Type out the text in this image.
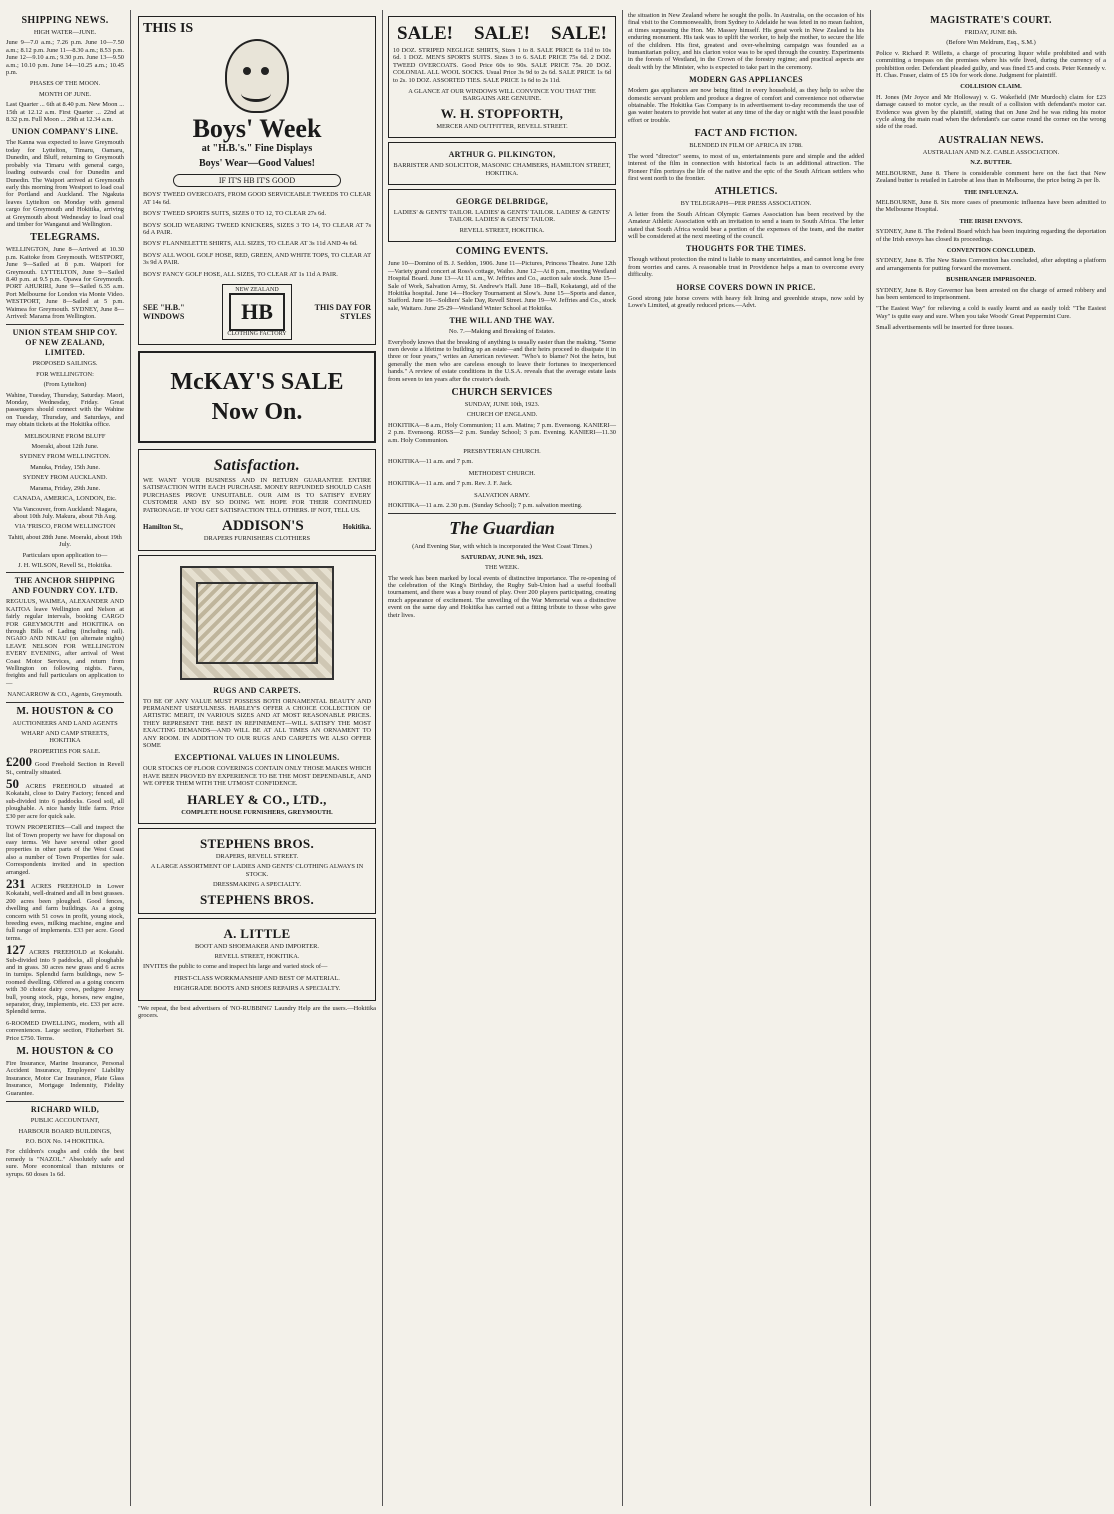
SHIPPING NEWS.
HIGH WATER—JUNE.

June 9—7.0 a.m.; 7.26 p.m. June 10—7.50 a.m.; 8.12 p.m. June 11—8.30 a.m.; 8.53 p.m. June 12—9.10 a.m.; 9.30 p.m. June 13—9.50 a.m.; 10.10 p.m. June 14—10.25 a.m.; 10.45 p.m.

PHASES OF THE MOON.
MONTH OF JUNE.

Last Quarter ... 6th at 8.40 p.m. New Moon ... 15th at 12.12 a.m. First Quarter ... 22nd at 8.32 p.m. Full Moon ... 29th at 12.34 a.m.

UNION COMPANY'S LINE.

The Kanna was expected to leave Greymouth today for Lyttelton, Timaru, Oamaru, Dunedin, and Bluff, returning to Greymouth probably via Timaru with general cargo, loading outwards coal for Dunedin and Dunedin. The Waipori arrived at Greymouth early this morning from Westport to load coal for Portland and Auckland. The Ngakuta leaves Lyttelton on Monday with general cargo for Greymouth and Hokitika, arriving at Greymouth about Wednesday to load coal and timber for Wanganui and Wellington.

TELEGRAMS.

WELLINGTON, June 8—Arrived at 10.30 p.m. Kaitoke from Greymouth. WESTPORT, June 9—Sailed at 8 p.m. Waipori for Greymouth. LYTTELTON, June 9—Sailed 8.40 p.m. at 9.5 p.m. Opawa for Greymouth. PORT AHURIRI, June 9—Sailed 6.35 a.m. Port Melbourne for London via Monte Video. WESTPORT, June 8—Sailed at 5 p.m. Waimea for Greymouth. SYDNEY, June 8—Arrived: Marama from Wellington.

UNION STEAM SHIP COY. OF NEW ZEALAND, LIMITED.
PROPOSED SAILINGS.
FOR WELLINGTON:
(From Lyttelton)

Wahine, Tuesday, Thursday, Saturday. Maori, Monday, Wednesday, Friday. Great passengers should connect with the Wahine on Tuesday, Thursday, and Saturdays, and may obtain tickets at the Hokitika office.

MELBOURNE FROM BLUFF
Moeraki, about 12th June.
SYDNEY FROM WELLINGTON.
Manuka, Friday, 15th June.
SYDNEY FROM AUCKLAND.
Marama, Friday, 29th June.
CANADA, AMERICA, LONDON, Etc.
Via Vancouver, from Auckland: Niagara, about 10th July. Makura, about 7th Aug.
VIA 'FRISCO, FROM WELLINGTON
Tahiti, about 28th June. Moeraki, about 19th July.
Particulars upon application to—
J. H. WILSON, Revell St., Hokitika.
THE ANCHOR SHIPPING AND FOUNDRY COY. LTD.

REGULUS, WAIMEA, ALEXANDER AND KAITOA leave Wellington and Nelson at fairly regular intervals, booking CARGO FOR GREYMOUTH and HOKITIKA on through Bills of Lading (including rail). NGAIO AND NIKAU (on alternate nights) LEAVE NELSON FOR WELLINGTON EVERY EVENING, after arrival of West Coast Motor Services, and return from Wellington on following nights. Fares, freights and full particulars on application to—

NANCARROW & CO., Agents, Greymouth.
M. HOUSTON & CO
AUCTIONEERS AND LAND AGENTS
WHARF AND CAMP STREETS, HOKITIKA
PROPERTIES FOR SALE.

£200 Good Freehold Section in Revell St., centrally situated.

50 ACRES FREEHOLD situated at Kokatahi, close to Dairy Factory; fenced and sub-divided into 6 paddocks. Good soil, all ploughable. A nice handy little farm. Price £30 per acre for quick sale.

TOWN PROPERTIES—Call and inspect the list of Town property we have for disposal on easy terms. We have several other good properties in other parts of the West Coast also a number of Town Properties for sale. Correspondents invited and in spection arranged.

231 ACRES FREEHOLD in Lower Kokatahi, well-drained and all in best grasses. 200 acres been ploughed. Good fences, dwelling and farm buildings. As a going concern with 51 cows in profit, young stock, breeding ewes, milking machine, engine and full range of implements. £33 per acre. Good terms.

127 ACRES FREEHOLD at Kokatahi. Sub-divided into 9 paddocks, all ploughable and in grass. 30 acres new grass and 6 acres in turnips. Splendid farm buildings, new 5-roomed dwelling. Offered as a going concern with 30 choice dairy cows, pedigree Jersey bull, young stock, pigs, horses, new engine, separator, dray, implements, etc. £33 per acre. Splendid terms.

6-ROOMED DWELLING, modern, with all conveniences. Large section, Fitzherbert St. Price £750. Terms.

M. HOUSTON & CO

Fire Insurance, Marine Insurance, Personal Accident Insurance, Employers' Liability Insurance, Motor Car Insurance, Plate Glass Insurance, Mortgage Indemnity, Fidelity Guarantee.

RICHARD WILD,
PUBLIC ACCOUNTANT,
HARBOUR BOARD BUILDINGS,
P.O. BOX No. 14 HOKITIKA.

For children's coughs and colds the best remedy is "NAZOL." Absolutely safe and sure. More economical than mixtures or syrups. 60 doses 1s 6d.

THIS IS
Boys' Week
at "H.B.'s." Fine Displays
Boys' Wear—Good Values!
IF IT'S HB IT'S GOOD

BOYS' TWEED OVERCOATS, FROM GOOD SERVICEABLE TWEEDS TO CLEAR AT 14s 6d.

BOYS' TWEED SPORTS SUITS, SIZES 0 TO 12, TO CLEAR 27s 6d.

BOYS' SOLID WEARING TWEED KNICKERS, SIZES 3 TO 14, TO CLEAR AT 7s 6d A PAIR.

BOYS' FLANNELETTE SHIRTS, ALL SIZES, TO CLEAR AT 3s 11d AND 4s 6d.

BOYS' ALL WOOL GOLF HOSE, RED, GREEN, AND WHITE TOPS, TO CLEAR AT 3s 9d A PAIR.

BOYS' FANCY GOLF HOSE, ALL SIZES, TO CLEAR AT 1s 11d A PAIR.

SEE "H.B." WINDOWS
NEW ZEALAND
HB
CLOTHING FACTORY
THIS DAY FOR STYLES
McKAY'S SALE
Now On.
Satisfaction.

WE WANT YOUR BUSINESS AND IN RETURN GUARANTEE ENTIRE SATISFACTION WITH EACH PURCHASE. MONEY REFUNDED SHOULD CASH PURCHASES PROVE UNSUITABLE. OUR AIM IS TO SATISFY EVERY CUSTOMER AND BY SO DOING WE HOPE FOR THEIR CONTINUED PATRONAGE. IF YOU GET SATISFACTION TELL OTHERS. IF NOT, TELL US.

Hamilton St.,	ADDISON'S	Hokitika.
DRAPERS FURNISHERS CLOTHIERS
RUGS AND CARPETS.

TO BE OF ANY VALUE MUST POSSESS BOTH ORNAMENTAL BEAUTY AND PERMANENT USEFULNESS. HARLEY'S OFFER A CHOICE COLLECTION OF ARTISTIC MERIT, IN VARIOUS SIZES AND AT MOST REASONABLE PRICES. THEY REPRESENT THE BEST IN REFINEMENT—WILL SATISFY THE MOST EXACTING DEMANDS—AND WILL BE AT ALL TIMES AN ORNAMENT TO ANY ROOM. IN ADDITION TO OUR RUGS AND CARPETS WE ALSO OFFER SOME

EXCEPTIONAL VALUES IN LINOLEUMS.

OUR STOCKS OF FLOOR COVERINGS CONTAIN ONLY THOSE MAKES WHICH HAVE BEEN PROVED BY EXPERIENCE TO BE THE MOST DEPENDABLE, AND WE OFFER THEM WITH THE UTMOST CONFIDENCE.

HARLEY & CO., LTD.,
COMPLETE HOUSE FURNISHERS, GREYMOUTH.
STEPHENS BROS.
DRAPERS, REVELL STREET.
A LARGE ASSORTMENT OF LADIES AND GENTS' CLOTHING ALWAYS IN STOCK.
DRESSMAKING A SPECIALTY.
STEPHENS BROS.
A. LITTLE
BOOT AND SHOEMAKER AND IMPORTER.
REVELL STREET, HOKITIKA.

INVITES the public to come and inspect his large and varied stock of—

FIRST-CLASS WORKMANSHIP AND BEST OF MATERIAL.
HIGHGRADE BOOTS AND SHOES REPAIRS A SPECIALTY.

"We repeat, the best advertisers of 'NO-RUBBING' Laundry Help are the users.—Hokitika grocers.

SALE! SALE! SALE!

10 DOZ. STRIPED NEGLIGE SHIRTS, Sizes 1 to 8. SALE PRICE 6s 11d to 10s 6d. 1 DOZ. MEN'S SPORTS SUITS. Sizes 3 to 6. SALE PRICE 75s 6d. 2 DOZ. TWEED OVERCOATS. Good Price 60s to 90s. SALE PRICE 75s. 20 DOZ. COLONIAL ALL WOOL SOCKS. Usual Price 3s 9d to 2s 6d. SALE PRICE 1s 6d to 2s. 10 DOZ. ASSORTED TIES. SALE PRICE 1s 6d to 2s 11d.

A GLANCE AT OUR WINDOWS WILL CONVINCE YOU THAT THE BARGAINS ARE GENUINE.

W. H. STOPFORTH,
MERCER AND OUTFITTER, REVELL STREET.
ARTHUR G. PILKINGTON,
BARRISTER AND SOLICITOR, MASONIC CHAMBERS, HAMILTON STREET, HOKITIKA.
GEORGE DELBRIDGE,
LADIES' & GENTS' TAILOR. LADIES' & GENTS' TAILOR. LADIES' & GENTS' TAILOR. LADIES' & GENTS' TAILOR.
REVELL STREET, HOKITIKA.
COMING EVENTS.

June 10—Domino of B. J. Seddon, 1906. June 11—Pictures, Princess Theatre. June 12th—Variety grand concert at Ross's cottage, Waiho. June 12—At 8 p.m., meeting Westland Hospital Board. June 13—At 11 a.m., W. Jeffries and Co., auction sale stock. June 15—Sale of Work, Salvation Army, St. Andrew's Hall. June 18—Ball, Kokatangi, aid of the Hokitika hospital. June 14—Hockey Tournament at Slow's. June 15—Sports and dance, Stafford. June 16—Soldiers' Sale Day, Revell Street. June 19—W. Jeffries and Co., stock sale, Waitaro. June 25-29—Westland Winter School at Hokitika.

THE WILL AND THE WAY.
No. 7.—Making and Breaking of Estates.

Everybody knows that the breaking of anything is usually easier than the making. "Some men devote a lifetime to building up an estate—and their heirs proceed to dissipate it in three or four years," writes an American reviewer. "Who's to blame? Not the heirs, but generally the men who are careless enough to leave their fortunes to inexperienced hands." A review of estate conditions in the U.S.A. reveals that the average estate lasts from seven to ten years after the creator's death.

CHURCH SERVICES
SUNDAY, JUNE 10th, 1923.
CHURCH OF ENGLAND.

HOKITIKA—8 a.m., Holy Communion; 11 a.m. Matins; 7 p.m. Evensong. KANIERI—2 p.m. Evensong. ROSS—2 p.m. Sunday School; 3 p.m. Evening. KANIERI—11.30 a.m. Holy Communion.

PRESBYTERIAN CHURCH.

HOKITIKA—11 a.m. and 7 p.m.

METHODIST CHURCH.

HOKITIKA—11 a.m. and 7 p.m. Rev. J. F. Jack.

SALVATION ARMY.

HOKITIKA—11 a.m. 2.30 p.m. (Sunday School); 7 p.m. salvation meeting.

The Guardian
(And Evening Star, with which is incorporated the West Coast Times.)
SATURDAY, JUNE 9th, 1923.
THE WEEK.

The week has been marked by local events of distinctive importance. The re-opening of the celebration of the King's Birthday, the Rugby Sub-Union had a useful football tournament, and there was a busy round of play. Over 200 players participating, creating much appearance of excitement. The unveiling of the War Memorial was a distinctive event on the same day and Hokitika has carried out a fitting tribute to those who gave their lives.

the situation in New Zealand where he sought the polls. In Australia, on the occasion of his final visit to the Commonwealth, from Sydney to Adelaide he was feted in no mean fashion, at times surpassing the Hon. Mr. Massey himself. His great work in New Zealand is his enduring monument. His task was to uplift the worker, to help the mother, to secure the life of the children. His first, greatest and over-whelming campaign was founded as a humanitarian policy, and his clarion voice was to be sped through the country. Experiments in the forests of Westland, in the Crown of the forestry regime; and practical aspects are dealt with by the Minister, who is expected to take part in the ceremony.

MODERN GAS APPLIANCES

Modern gas appliances are now being fitted in every household, as they help to solve the domestic servant problem and produce a degree of comfort and convenience not otherwise obtainable. The Hokitika Gas Company is in advertisement to-day recommends the use of gas water heaters to provide hot water at any time of the day or night with the least possible effort or trouble.

FACT AND FICTION.
BLENDED IN FILM OF AFRICA IN 1788.

The word "director" seems, to most of us, entertainments pure and simple and the added interest of the film in connection with historical facts is an additional attraction. The Pioneer Film portrays the life of the native and the epic of the South African settlers who first went north to the frontier.

ATHLETICS.
BY TELEGRAPH—PER PRESS ASSOCIATION.

A letter from the South African Olympic Games Association has been received by the Amateur Athletic Association with an invitation to send a team to South Africa. The letter stated that South Africa would bear a portion of the expenses of the team, and the matter will be considered at the next meeting of the council.

THOUGHTS FOR THE TIMES.

Though without protection the mind is liable to many uncertainties, and cannot long be free from worries and cares. A reasonable trust in Providence helps a man to overcome every difficulty.

HORSE COVERS DOWN IN PRICE.

Good strong jute horse covers with heavy felt lining and greenhide straps, now sold by Lowe's Limited, at greatly reduced prices.—Advt.

MAGISTRATE'S COURT.
FRIDAY, JUNE 8th.
(Before Wm Meldrum, Esq., S.M.)

Police v. Richard P. Willetts, a charge of procuring liquor while prohibited and with committing a trespass on the premises where his wife lived, during the currency of a prohibition order. Defendant pleaded guilty, and was fined £5 and costs. Peter Kennedy v. H. Chas. Fraser, claim of £5 10s for work done. Judgment for plaintiff.

COLLISION CLAIM.

H. Jones (Mr Joyce and Mr Holloway) v. G. Wakefield (Mr Murdoch) claim for £23 damage caused to motor cycle, as the result of a collision with defendant's motor car. Evidence was given by the plaintiff, stating that on June 2nd he was riding his motor cycle along the main road when the defendant's car came round the corner on the wrong side of the road.

AUSTRALIAN NEWS.
AUSTRALIAN AND N.Z. CABLE ASSOCIATION.
N.Z. BUTTER.

MELBOURNE, June 8. There is considerable comment here on the fact that New Zealand butter is retailed in Latrobe at less than in Melbourne, the price being 2s per lb.

THE INFLUENZA.

MELBOURNE, June 8. Six more cases of pneumonic influenza have been admitted to the Melbourne Hospital.

THE IRISH ENVOYS.

SYDNEY, June 8. The Federal Board which has been inquiring regarding the deportation of the Irish envoys has closed its proceedings.

CONVENTION CONCLUDED.

SYDNEY, June 8. The New States Convention has concluded, after adopting a platform and arrangements for putting forward the movement.

BUSHRANGER IMPRISONED.

SYDNEY, June 8. Roy Governor has been arrested on the charge of armed robbery and has been sentenced to imprisonment.

"The Easiest Way" for relieving a cold is easily learnt and as easily told: "The Easiest Way" is quite easy and sure. When you take Woods' Great Peppermint Cure.

Small advertisements will be inserted for three issues.
